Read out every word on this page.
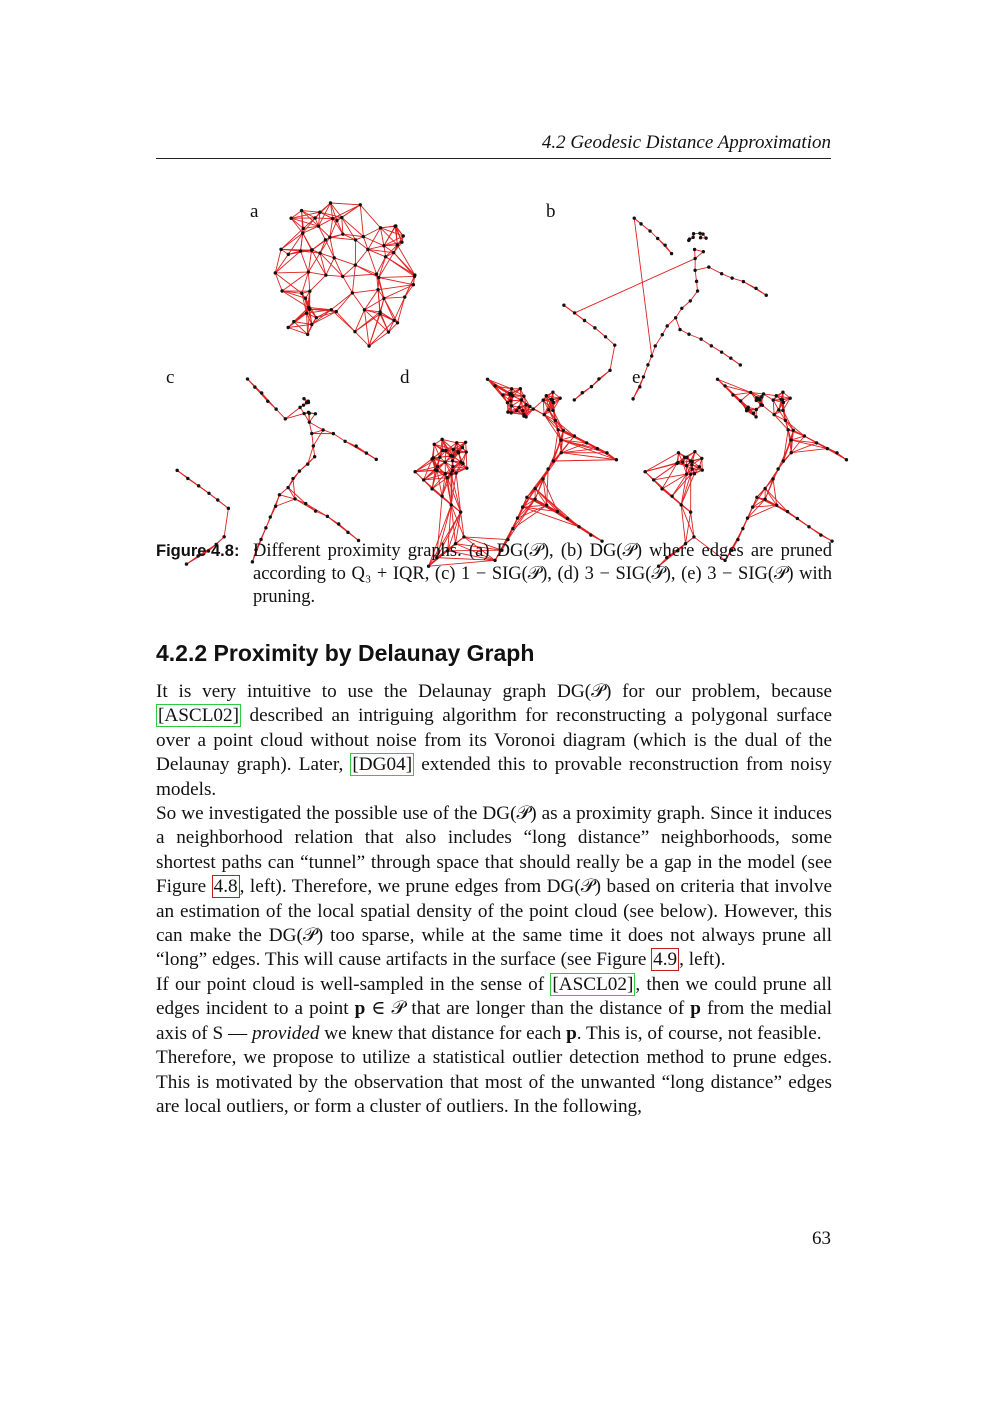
4.2 Geodesic Distance Approximation
a	b
c	d	e
Figure 4.8: Different proximity graphs. (a) DG(𝒫), (b) DG(𝒫) where edges are pruned according to Q₃ + IQR, (c) 1 − SIG(𝒫), (d) 3 − SIG(𝒫), (e) 3 − SIG(𝒫) with pruning.
4.2.2 Proximity by Delaunay Graph

It is very intuitive to use the Delaunay graph DG(𝒫) for our problem, because [ASCL02] described an intriguing algorithm for reconstructing a polygonal surface over a point cloud without noise from its Voronoi diagram (which is the dual of the Delaunay graph). Later, [DG04] extended this to provable reconstruction from noisy models.

So we investigated the possible use of the DG(𝒫) as a proximity graph. Since it induces a neighborhood relation that also includes “long distance” neighborhoods, some shortest paths can “tunnel” through space that should really be a gap in the model (see Figure 4.8 , left). Therefore, we prune edges from DG(𝒫) based on criteria that involve an estimation of the local spatial density of the point cloud (see below). However, this can make the DG(𝒫) too sparse, while at the same time it does not always prune all “long” edges. This will cause artifacts in the surface (see Figure 4.9 , left).

If our point cloud is well-sampled in the sense of [ASCL02] , then we could prune all edges incident to a point p ∈ 𝒫 that are longer than the distance of p from the medial axis of S — provided we knew that distance for each p. This is, of course, not feasible.

Therefore, we propose to utilize a statistical outlier detection method to prune edges. This is motivated by the observation that most of the unwanted “long distance” edges are local outliers, or form a cluster of outliers. In the following,

63
